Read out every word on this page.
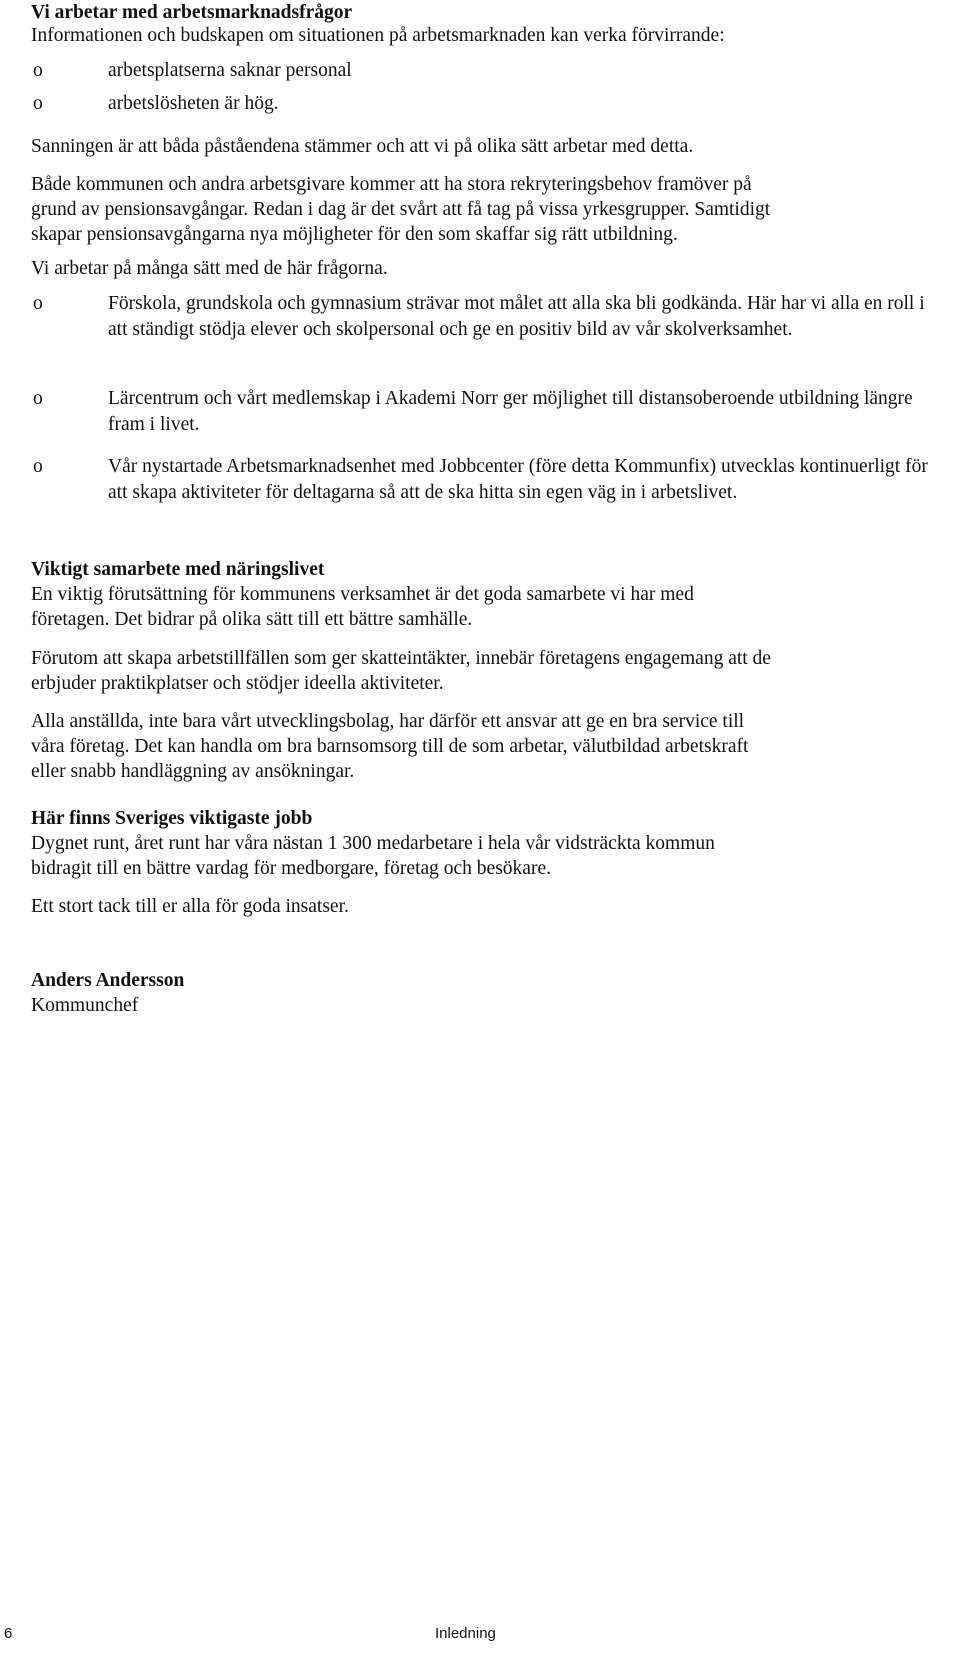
Vi arbetar med arbetsmarknadsfrågor
Informationen och budskapen om situationen på arbetsmarknaden kan verka förvirrande:
o	arbetsplatserna saknar personal
o	arbetslösheten är hög.
Sanningen är att båda påståendena stämmer och att vi på olika sätt arbetar med detta.
Både kommunen och andra arbetsgivare kommer att ha stora rekryteringsbehov framöver på
grund av pensionsavgångar. Redan i dag är det svårt att få tag på vissa yrkesgrupper. Samtidigt
skapar pensionsavgångarna nya möjligheter för den som skaffar sig rätt utbildning.
Vi arbetar på många sätt med de här frågorna.
o	Förskola, grundskola och gymnasium strävar mot målet att alla ska bli godkända. Här har vi alla en roll i att ständigt stödja elever och skolpersonal och ge en positiv bild av vår skolverksamhet.
o	Lärcentrum och vårt medlemskap i Akademi Norr ger möjlighet till distansoberoende utbildning längre fram i livet.
o	Vår nystartade Arbetsmarknadsenhet med Jobbcenter (före detta Kommunfix) utvecklas kontinuerligt för att skapa aktiviteter för deltagarna så att de ska hitta sin egen väg in i arbetslivet.
Viktigt samarbete med näringslivet
En viktig förutsättning för kommunens verksamhet är det goda samarbete vi har med
företagen. Det bidrar på olika sätt till ett bättre samhälle.
Förutom att skapa arbetstillfällen som ger skatteintäkter, innebär företagens engagemang att de
erbjuder praktikplatser och stödjer ideella aktiviteter.
Alla anställda, inte bara vårt utvecklingsbolag, har därför ett ansvar att ge en bra service till
våra företag. Det kan handla om bra barnsomsorg till de som arbetar, välutbildad arbetskraft
eller snabb handläggning av ansökningar.
Här finns Sveriges viktigaste jobb
Dygnet runt, året runt har våra nästan 1 300 medarbetare i hela vår vidsträckta kommun
bidragit till en bättre vardag för medborgare, företag och besökare.
Ett stort tack till er alla för goda insatser.
Anders Andersson
Kommunchef
6	Inledning
